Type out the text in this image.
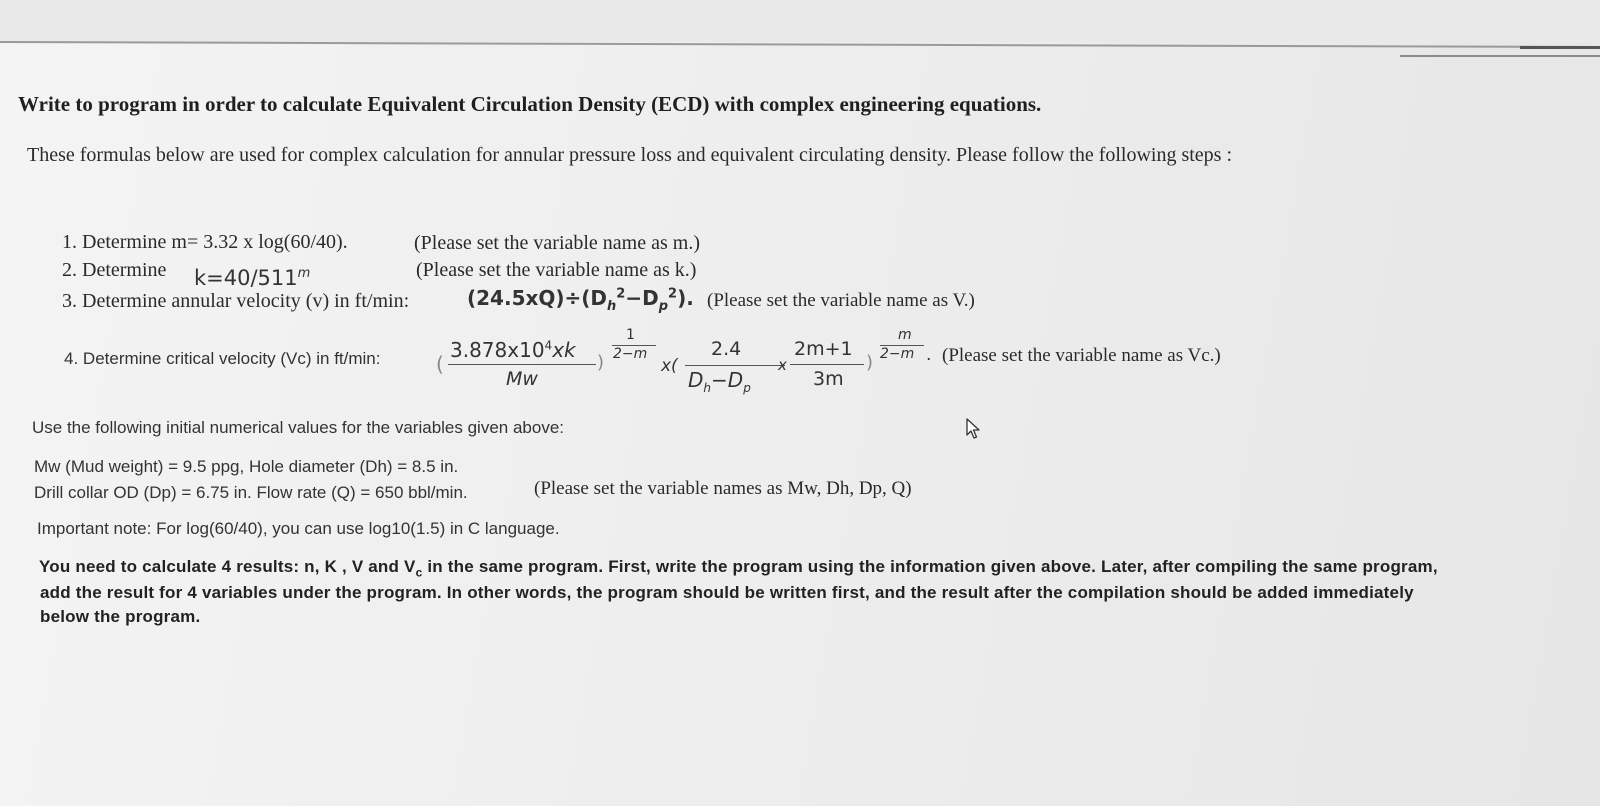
Write to program in order to calculate Equivalent Circulation Density (ECD) with complex engineering equations.
These formulas below are used for complex calculation for annular pressure loss and equivalent circulating density. Please follow the following steps :
1. Determine m= 3.32 x log(60/40).	(Please set the variable name as m.)
2. Determine $k=40/511^m$	(Please set the variable name as k.)
3. Determine annular velocity (v) in ft/min:	$(24.5xQ)\div(D_h^2-D_p^2)$. (Please set the variable name as V.)
4. Determine critical velocity (Vc) in ft/min:	(
$3.878x10^4xk$
Mw
)
1
2−m
x(
2.4
$D_h-D_p$
x
2m+1
3m
)
m
2−m . (Please set the variable name as Vc.)
Use the following initial numerical values for the variables given above:
Mw (Mud weight) = 9.5 ppg, Hole diameter (Dh) = 8.5 in.
Drill collar OD (Dp) = 6.75 in. Flow rate (Q) = 650 bbl/min.	(Please set the variable names as Mw, Dh, Dp, Q)
Important note: For log(60/40), you can use log10(1.5) in C language.
You need to calculate 4 results: n, K , V and $V_c$ in the same program. First, write the program using the information given above. Later, after compiling the same program,
add the result for 4 variables under the program. In other words, the program should be written first, and the result after the compilation should be added immediately
below the program.
